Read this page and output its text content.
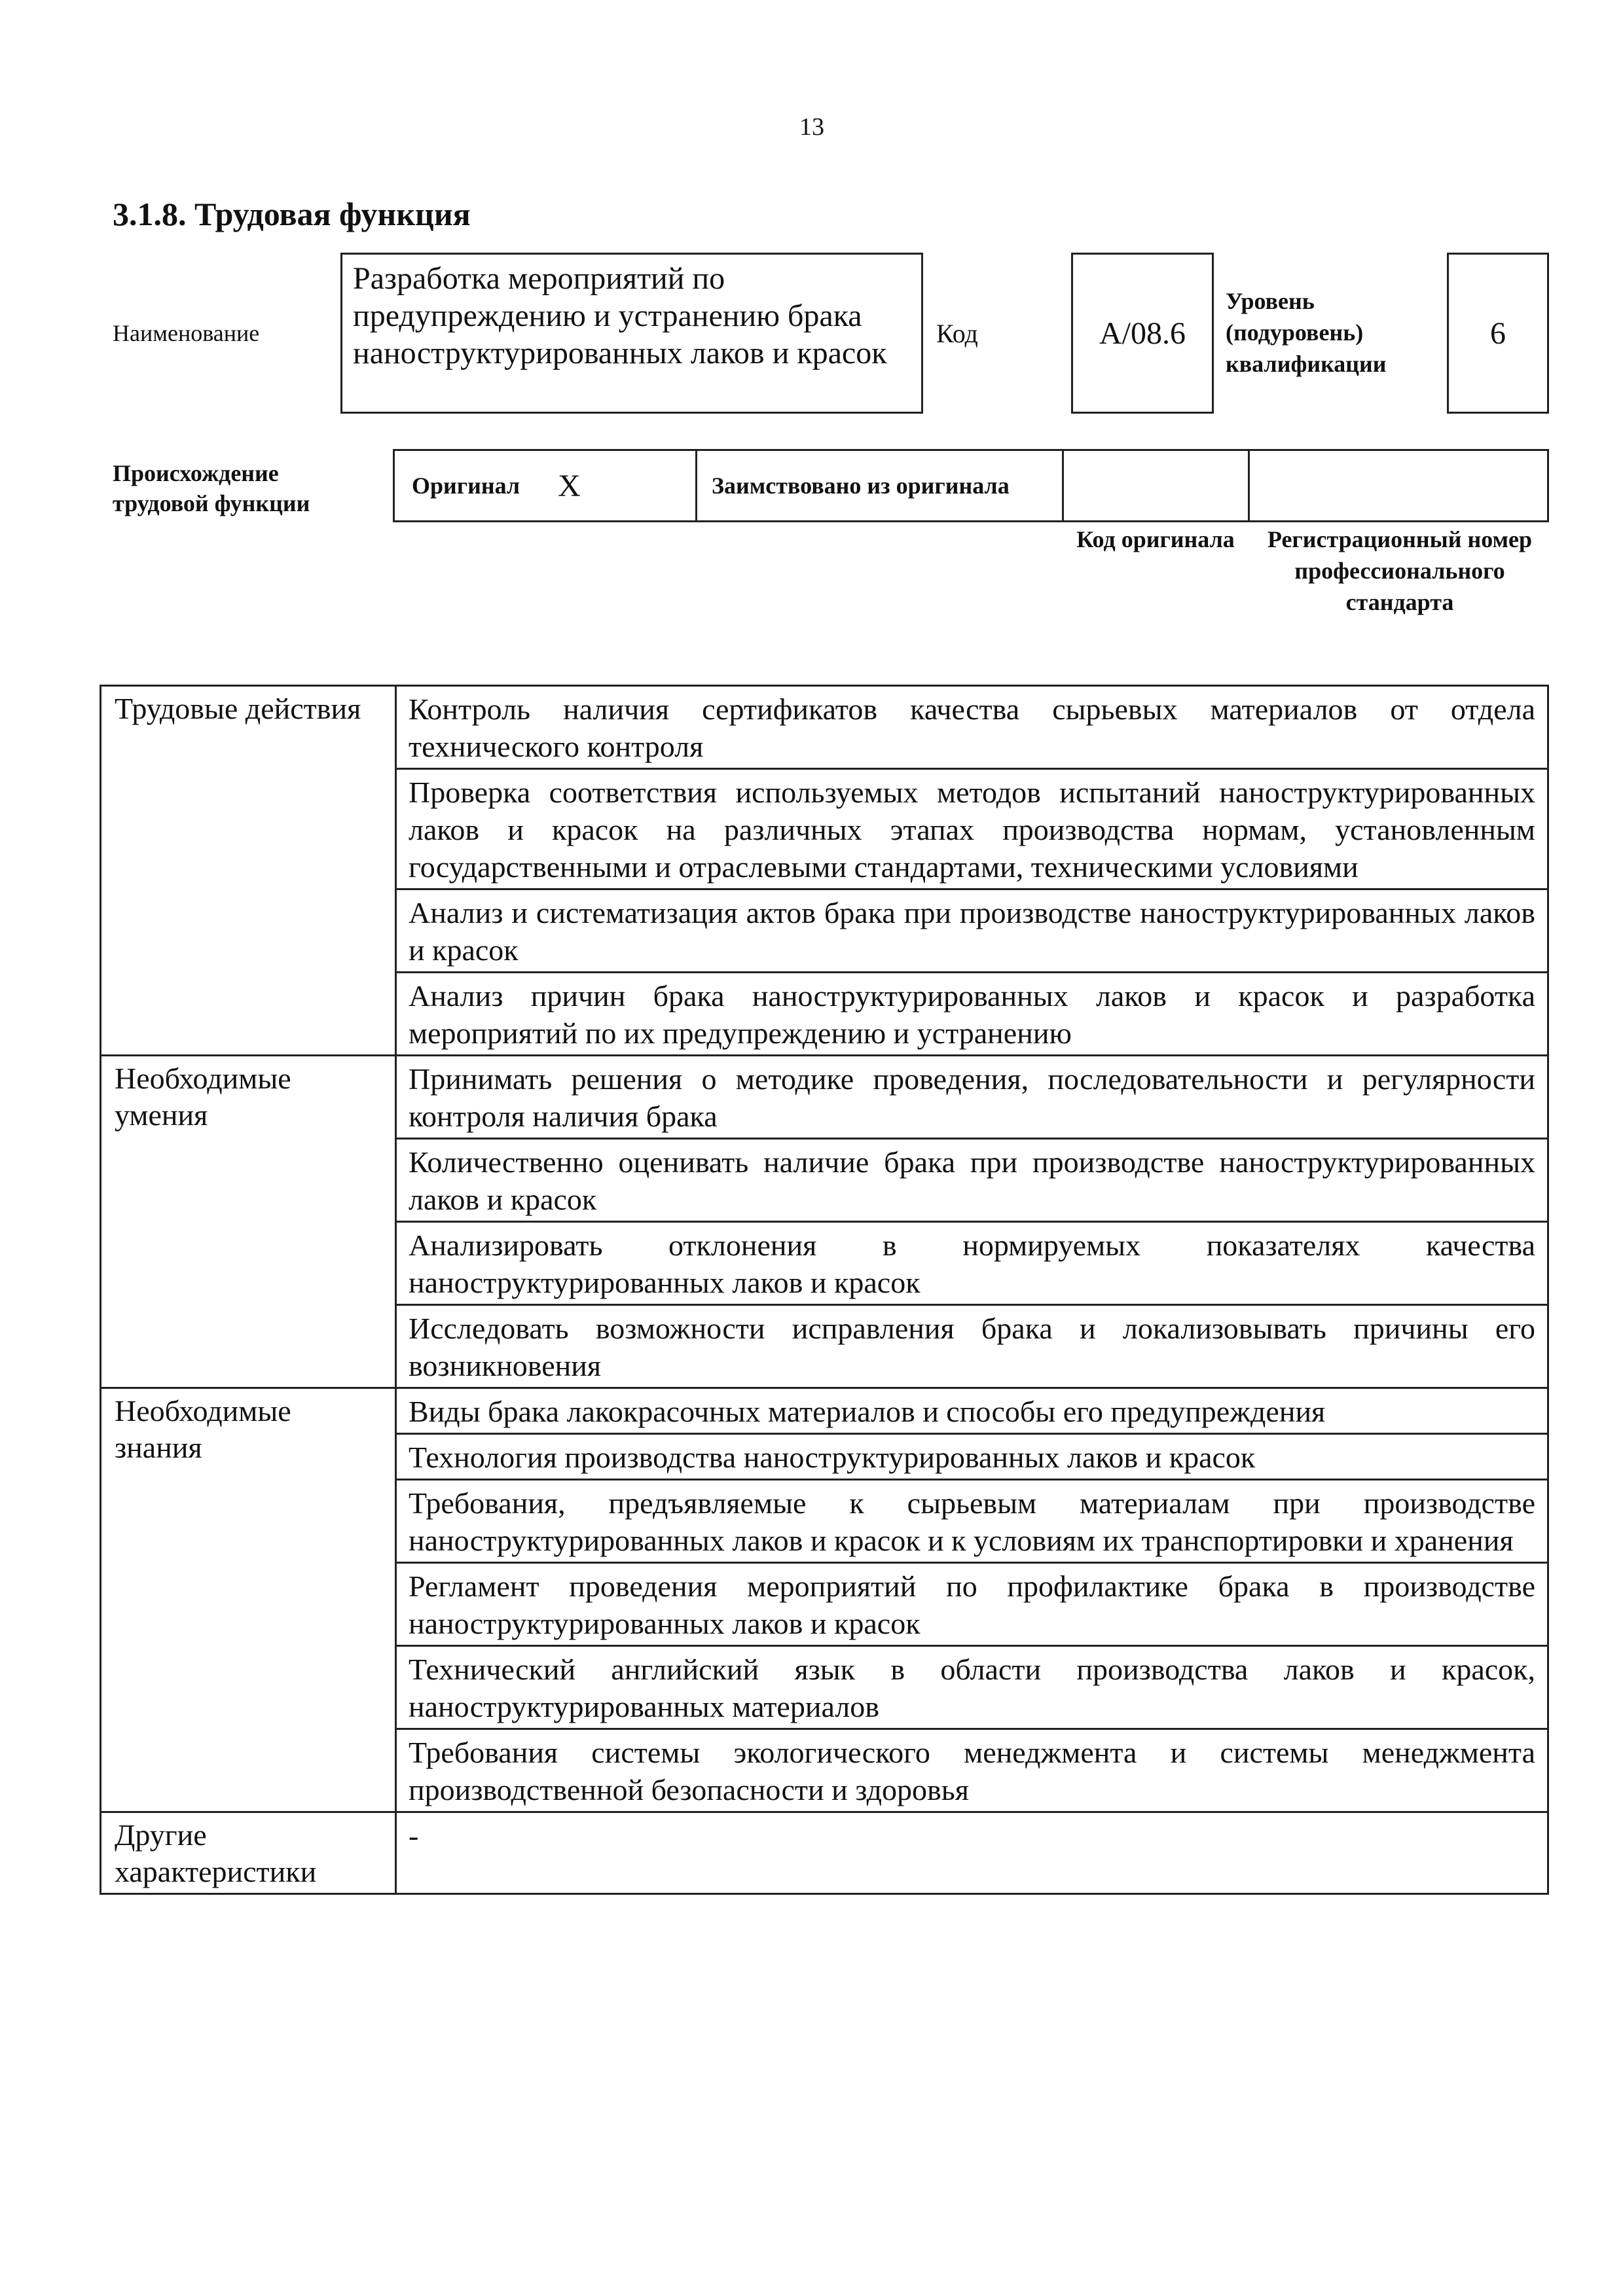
13
3.1.8. Трудовая функция
Наименование
Разработка мероприятий по предупреждению и устранению брака наноструктурированных лаков и красок
Код	А/08.6
Уровень (подуровень) квалификации
6
Происхождение трудовой функции
Оригинал X	Заимствовано из оригинала
Код оригинала	Регистрационный номер профессионального стандарта
Трудовые действия	Контроль наличия сертификатов качества сырьевых материалов от отдела технического контроля
	Проверка соответствия используемых методов испытаний наноструктурированных лаков и красок на различных этапах производства нормам, установленным государственными и отраслевыми стандартами, техническими условиями
	Анализ и систематизация актов брака при производстве наноструктурированных лаков и красок
	Анализ причин брака наноструктурированных лаков и красок и разработка мероприятий по их предупреждению и устранению
Необходимые умения	Принимать решения о методике проведения, последовательности и регулярности контроля наличия брака
	Количественно оценивать наличие брака при производстве наноструктурированных лаков и красок
	Анализировать отклонения в нормируемых показателях качества наноструктурированных лаков и красок
	Исследовать возможности исправления брака и локализовывать причины его возникновения
Необходимые знания	Виды брака лакокрасочных материалов и способы его предупреждения
	Технология производства наноструктурированных лаков и красок
	Требования, предъявляемые к сырьевым материалам при производстве наноструктурированных лаков и красок и к условиям их транспортировки и хранения
	Регламент проведения мероприятий по профилактике брака в производстве наноструктурированных лаков и красок
	Технический английский язык в области производства лаков и красок, наноструктурированных материалов
	Требования системы экологического менеджмента и системы менеджмента производственной безопасности и здоровья
Другие характеристики	-
